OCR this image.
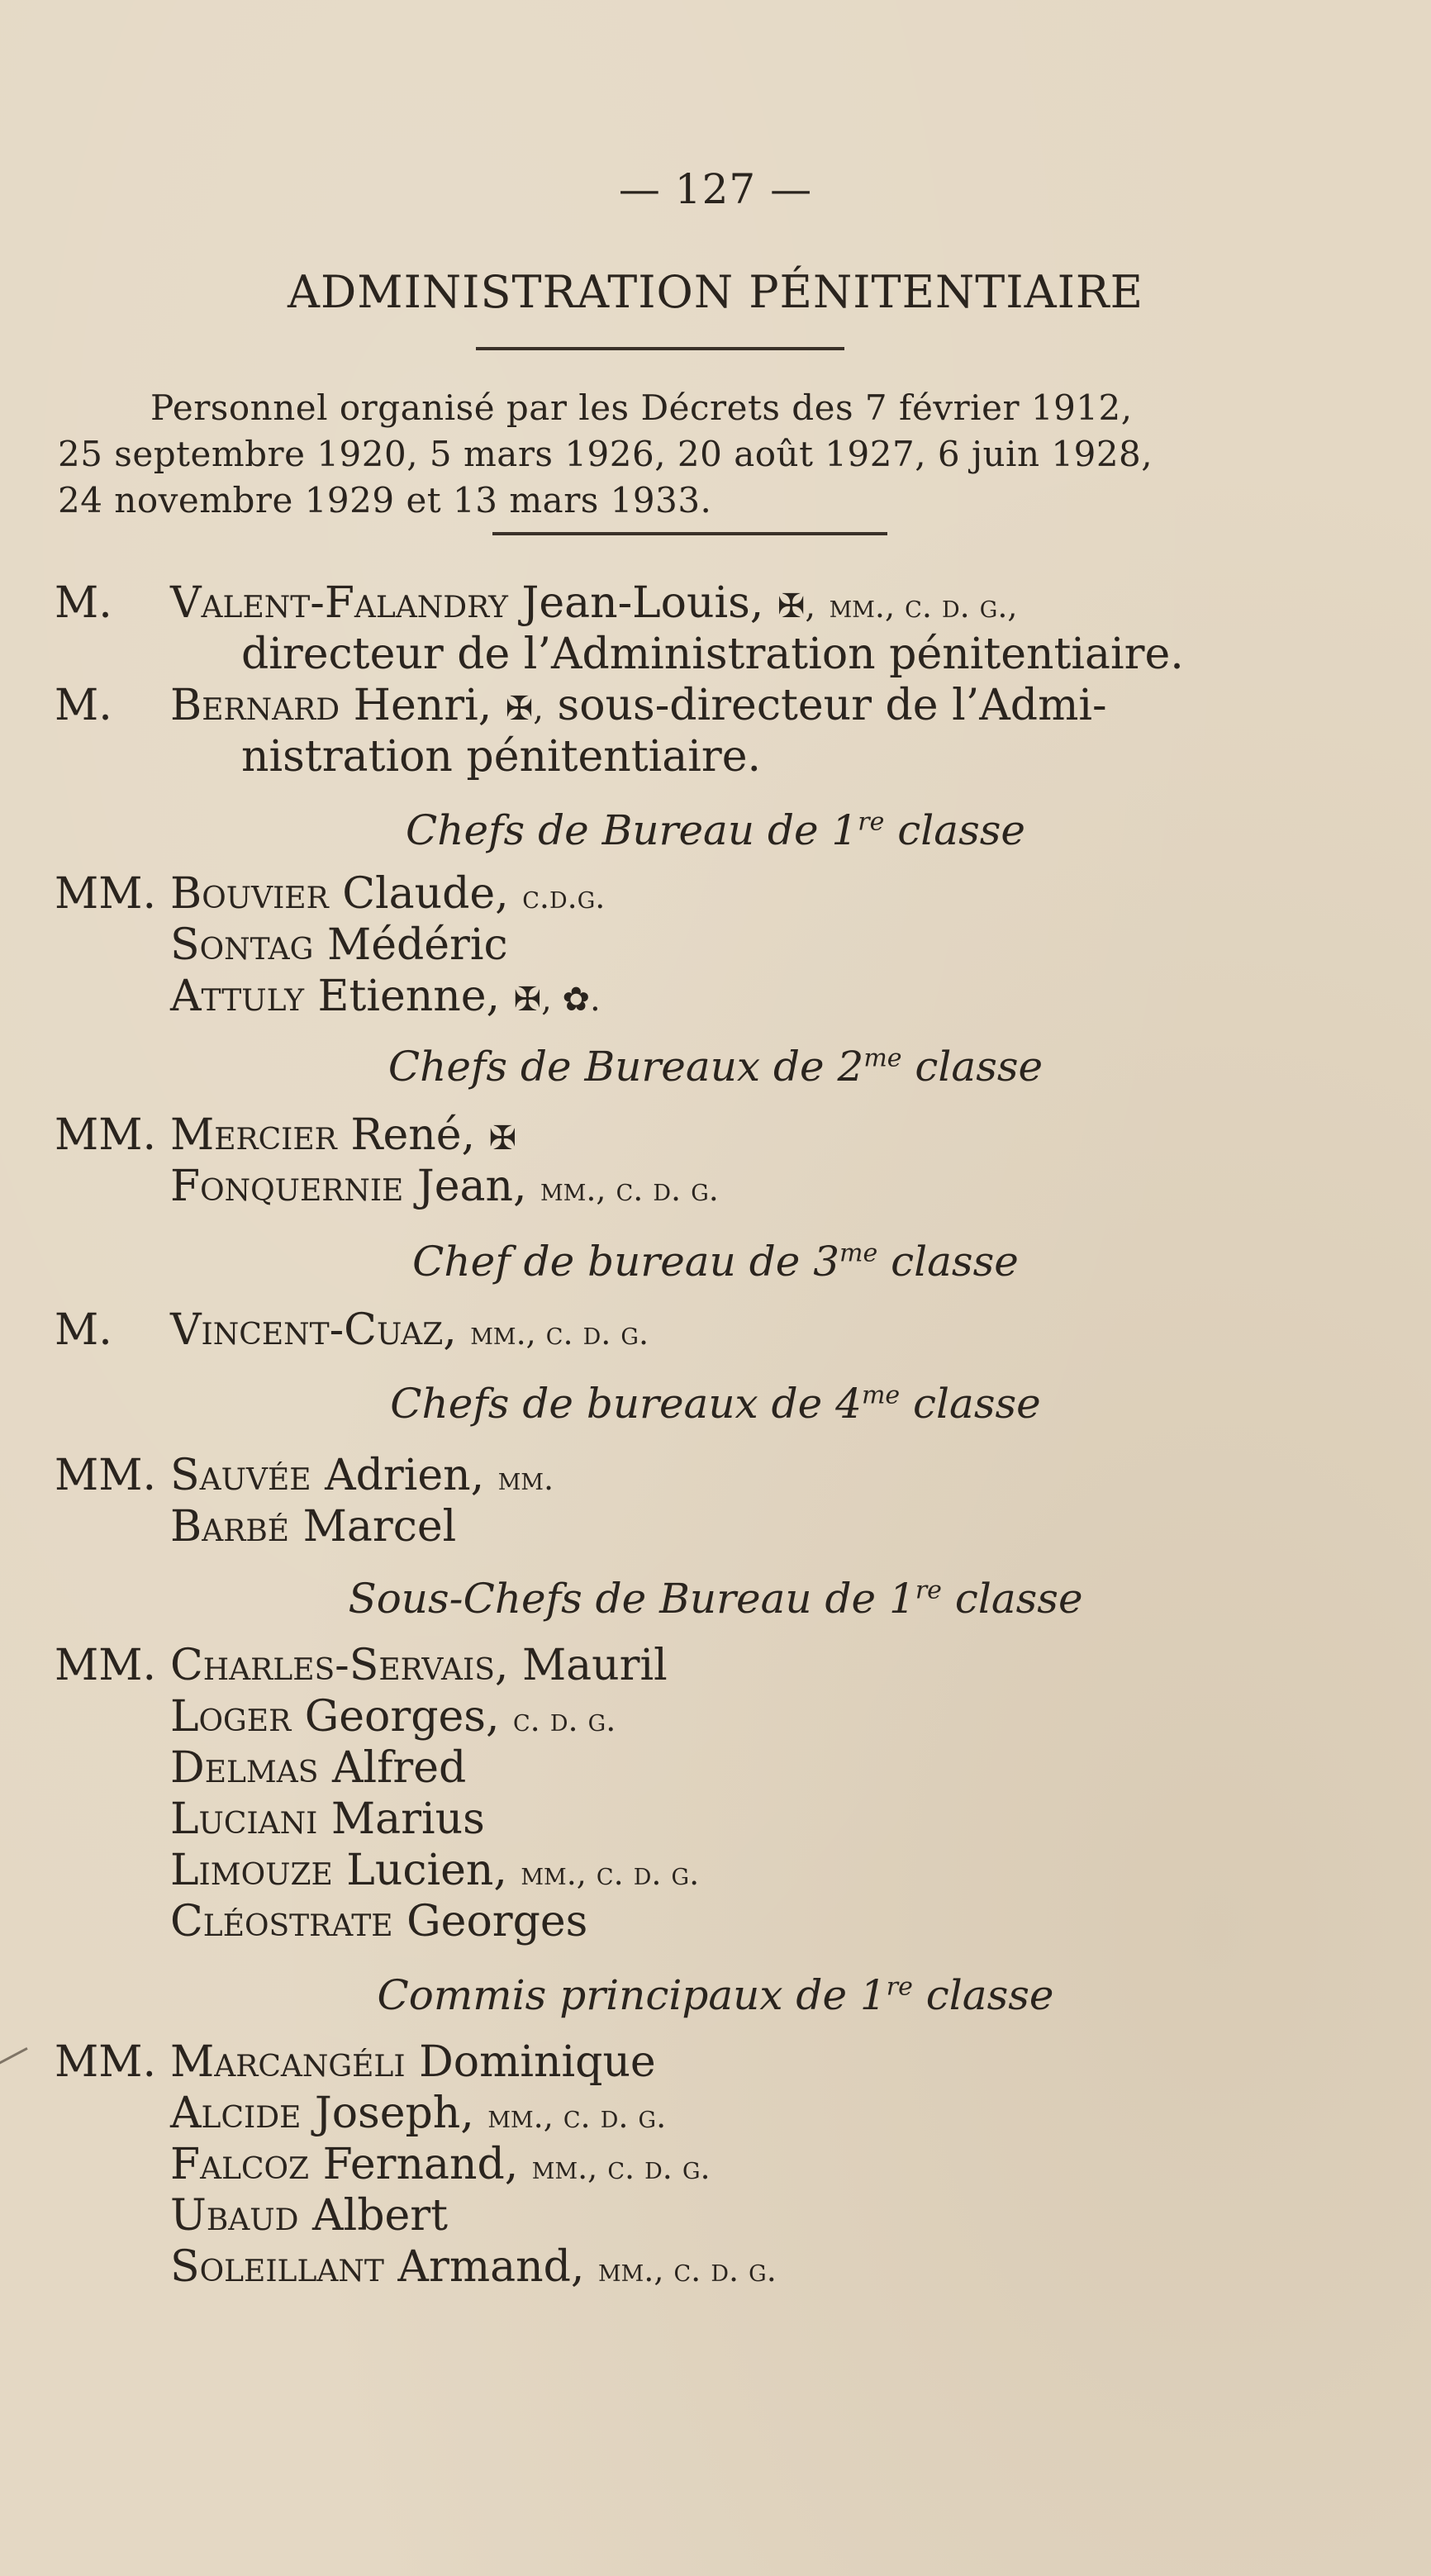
— 127 —
ADMINISTRATION PÉNITENTIAIRE
Personnel organisé par les Décrets des 7 février 1912,
25 septembre 1920, 5 mars 1926, 20 août 1927, 6 juin 1928,
24 novembre 1929 et 13 mars 1933.
M. Valent-Falandry Jean-Louis, ✠, mm., c. d. g.,
directeur de l’Administration pénitentiaire.
M. Bernard Henri, ✠, sous-directeur de l’Admi-
nistration pénitentiaire.
Chefs de Bureau de 1re classe
MM. Bouvier Claude, c.d.g.
Sontag Médéric
Attuly Etienne, ✠, ✿.
Chefs de Bureaux de $2^{me}$ classe
MM. Mercier René, ✠
Fonquernie Jean, mm., c. d. g.
Chef de bureau de $3^{me}$ classe
M. Vincent-Cuaz, mm., c. d. g.
Chefs de bureaux de $4^{me}$ classe
MM. Sauvée Adrien, mm.
Barbé Marcel
Sous-Chefs de Bureau de 1re classe
MM. Charles-Servais, Mauril
Loger Georges, c. d. g.
Delmas Alfred
Luciani Marius
Limouze Lucien, mm., c. d. g.
Cléostrate Georges
Commis principaux de 1re classe
MM. Marcangéli Dominique
Alcide Joseph, mm., c. d. g.
Falcoz Fernand, mm., c. d. g.
Ubaud Albert
Soleillant Armand, mm., c. d. g.
